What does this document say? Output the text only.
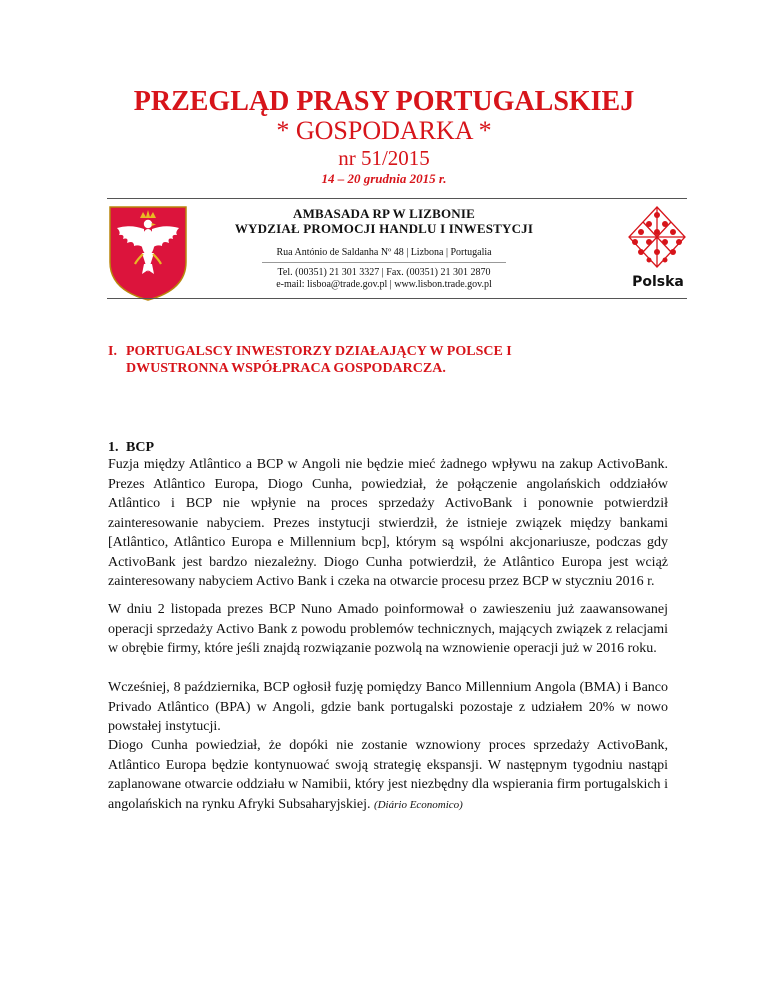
PRZEGLĄD PRASY PORTUGALSKIEJ
* GOSPODARKA *
nr 51/2015
14 – 20 grudnia 2015 r.
AMBASADA RP W LIZBONIE
WYDZIAŁ PROMOCJI HANDLU I INWESTYCJI
Rua António de Saldanha Nº 48 | Lizbona | Portugalia
Tel. (00351) 21 301 3327 | Fax. (00351) 21 301 2870
e-mail: lisboa@trade.gov.pl | www.lisbon.trade.gov.pl	Polska
I. PORTUGALSCY INWESTORZY DZIAŁAJĄCY W POLSCE I
DWUSTRONNA WSPÓŁPRACA GOSPODARCZA.
1. BCP

Fuzja między Atlântico a BCP w Angoli nie będzie mieć żadnego wpływu na zakup ActivoBank. Prezes Atlântico Europa, Diogo Cunha, powiedział, że połączenie angolańskich oddziałów Atlântico i BCP nie wpłynie na proces sprzedaży ActivoBank i ponownie potwierdził zainteresowanie nabyciem. Prezes instytucji stwierdził, że istnieje związek między bankami [Atlântico, Atlântico Europa e Millennium bcp], którym są wspólni akcjonariusze, podczas gdy ActivoBank jest bardzo niezależny. Diogo Cunha potwierdził, że Atlântico Europa jest wciąż zainteresowany nabyciem Activo Bank i czeka na otwarcie procesu przez BCP w styczniu 2016 r.

W dniu 2 listopada prezes BCP Nuno Amado poinformował o zawieszeniu już zaawansowanej operacji sprzedaży Activo Bank z powodu problemów technicznych, mających związek z relacjami w obrębie firmy, które jeśli znajdą rozwiązanie pozwolą na wznowienie operacji już w 2016 roku.

Wcześniej, 8 października, BCP ogłosił fuzję pomiędzy Banco Millennium Angola (BMA) i Banco Privado Atlântico (BPA) w Angoli, gdzie bank portugalski pozostaje z udziałem 20% w nowo powstałej instytucji.

Diogo Cunha powiedział, że dopóki nie zostanie wznowiony proces sprzedaży ActivoBank, Atlântico Europa będzie kontynuować swoją strategię ekspansji. W następnym tygodniu nastąpi zaplanowane otwarcie oddziału w Namibii, który jest niezbędny dla wspierania firm portugalskich i angolańskich na rynku Afryki Subsaharyjskiej. (Diário Economico)
